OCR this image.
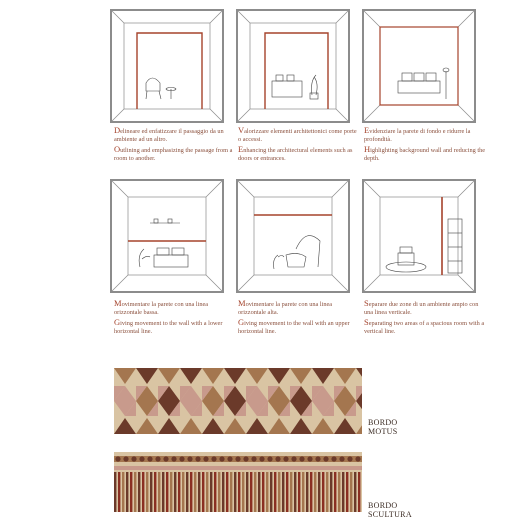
Delineare ed enfatizzare il passaggio da un ambiente ad un altro.

Outlining and emphasizing the passage from a room to another.

Valorizzare elementi architettonici come porte o accessi.

Enhancing the architectural elements such as doors or entrances.

Evidenziare la parete di fondo e ridurre la profondità.

Highlighting background wall and reducing the depth.

Movimentare la parete con una linea orizzontale bassa.

Giving movement to the wall with a lower horizontal line.

Movimentare la parete con una linea orizzontale alta.

Giving movement to the wall with an upper horizontal line.

Separare due zone di un ambiente ampio con una linea verticale.

Separating two areas of a spacious room with a vertical line.

BORDO
MOTUS
BORDO
SCULTURA
